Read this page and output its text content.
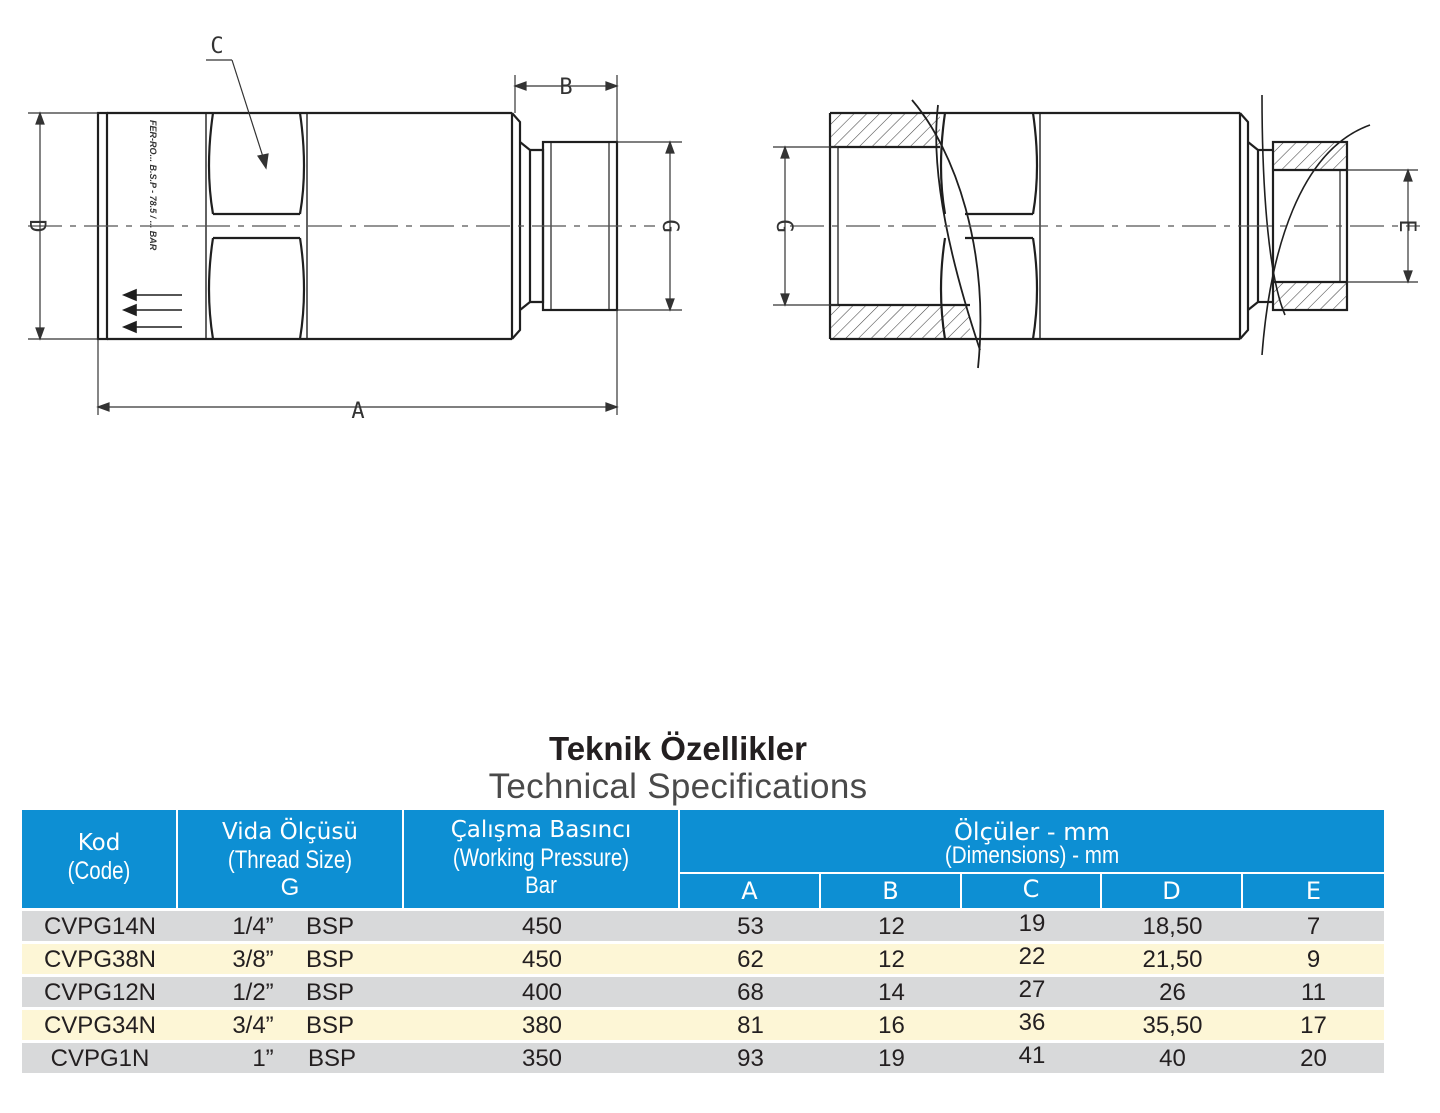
FER-RO... B.S.P - 78.5 / ... BAR
D
A
B
G
C
G	E
Teknik Özellikler
Technical Specifications
Kod
(Code)
Vida Ölçüsü
(Thread Size)
G
Çalışma Basıncı
(Working Pressure)
Bar
Ölçüler - mm
(Dimensions) - mm
A	B	C	D	E
CVPG14N	1/4”	BSP	450	53	12	19	18,50	7
CVPG38N	3/8”	BSP	450	62	12	22	21,50	9
CVPG12N	1/2”	BSP	400	68	14	27	26	11
CVPG34N	3/4”	BSP	380	81	16	36	35,50	17
CVPG1N	1”	BSP	350	93	19	41	40	20
